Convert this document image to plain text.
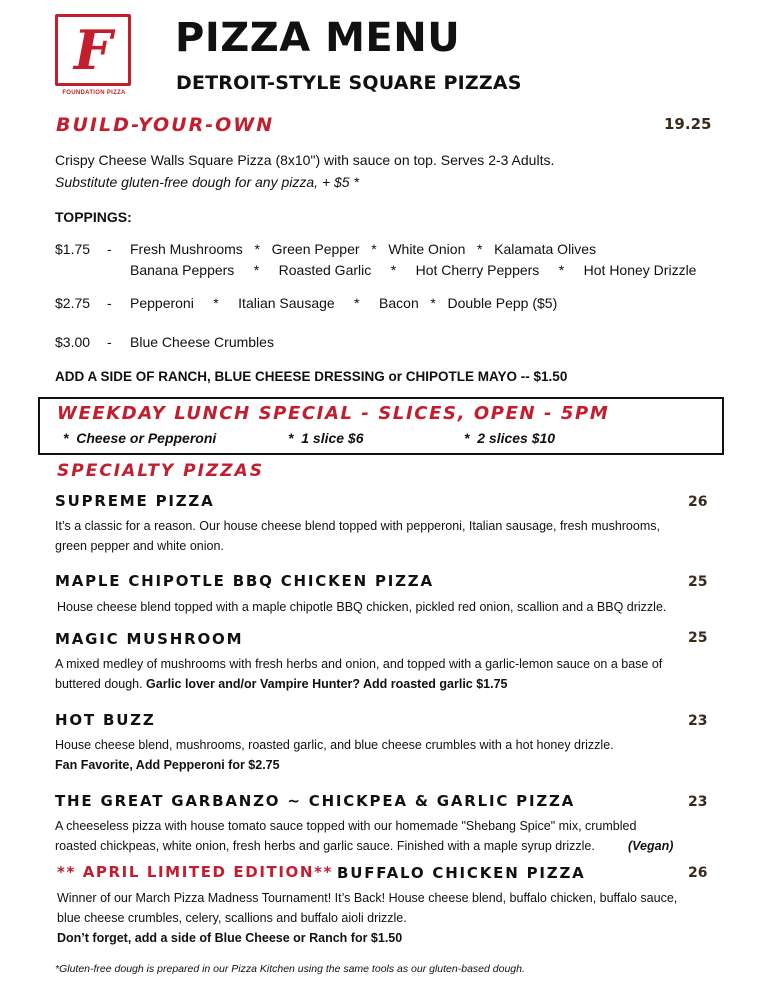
F
FOUNDATION PIZZA
PIZZA MENU
DETROIT-STYLE SQUARE PIZZAS
BUILD-YOUR-OWN	19.25
Crispy Cheese Walls Square Pizza (8x10") with sauce on top. Serves 2-3 Adults.
Substitute gluten-free dough for any pizza, + $5 *
TOPPINGS:
$1.75 - Fresh Mushrooms   *   Green Pepper   *   White Onion   *   Kalamata Olives
Banana Peppers     *     Roasted Garlic     *     Hot Cherry Peppers     *     Hot Honey Drizzle
$2.75 - Pepperoni     *     Italian Sausage     *     Bacon   *   Double Pepp ($5)
$3.00 - Blue Cheese Crumbles
ADD A SIDE OF RANCH, BLUE CHEESE DRESSING or CHIPOTLE MAYO -- $1.50
WEEKDAY LUNCH SPECIAL - SLICES, OPEN - 5PM
*  Cheese or Pepperoni	*  1 slice $6	*  2 slices $10
SPECIALTY PIZZAS
SUPREME PIZZA	26
It’s a classic for a reason. Our house cheese blend topped with pepperoni, Italian sausage, fresh mushrooms,
green pepper and white onion.
MAPLE CHIPOTLE BBQ CHICKEN PIZZA	25
House cheese blend topped with a maple chipotle BBQ chicken, pickled red onion, scallion and a BBQ drizzle.
MAGIC MUSHROOM	25
A mixed medley of mushrooms with fresh herbs and onion, and topped with a garlic-lemon sauce on a base of
buttered dough. Garlic lover and/or Vampire Hunter? Add roasted garlic $1.75
HOT BUZZ	23
House cheese blend, mushrooms, roasted garlic, and blue cheese crumbles with a hot honey drizzle.
Fan Favorite, Add Pepperoni for $2.75
THE GREAT GARBANZO ~ CHICKPEA & GARLIC PIZZA	23
A cheeseless pizza with house tomato sauce topped with our homemade "Shebang Spice" mix, crumbled
roasted chickpeas, white onion, fresh herbs and garlic sauce. Finished with a maple syrup drizzle.	(Vegan)
** APRIL LIMITED EDITION** BUFFALO CHICKEN PIZZA	26
Winner of our March Pizza Madness Tournament! It’s Back! House cheese blend, buffalo chicken, buffalo sauce,
blue cheese crumbles, celery, scallions and buffalo aioli drizzle.
Don’t forget, add a side of Blue Cheese or Ranch for $1.50
*Gluten-free dough is prepared in our Pizza Kitchen using the same tools as our gluten-based dough.
